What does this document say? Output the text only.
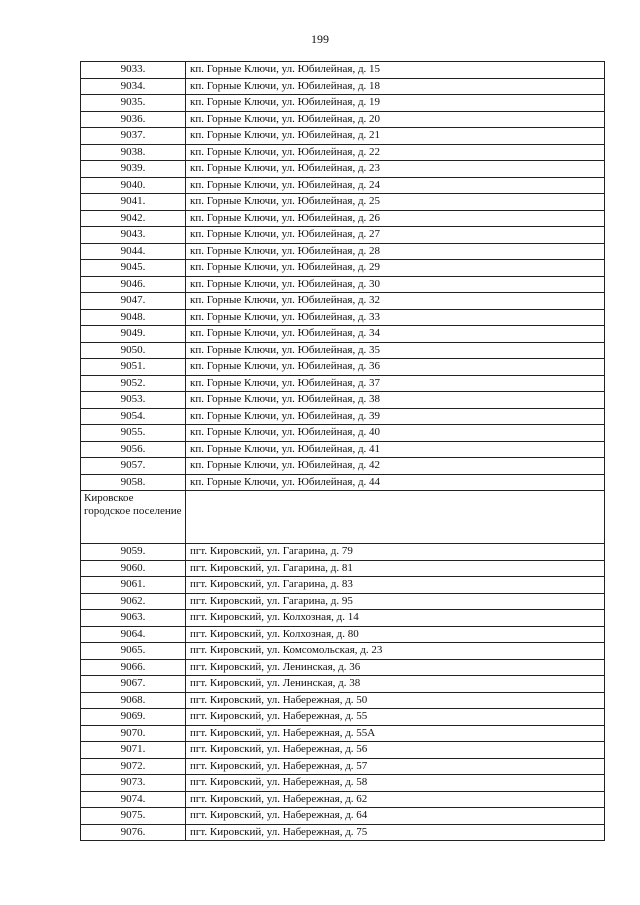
199
9033.	кп. Горные Ключи, ул. Юбилейная, д. 15
9034.	кп. Горные Ключи, ул. Юбилейная, д. 18
9035.	кп. Горные Ключи, ул. Юбилейная, д. 19
9036.	кп. Горные Ключи, ул. Юбилейная, д. 20
9037.	кп. Горные Ключи, ул. Юбилейная, д. 21
9038.	кп. Горные Ключи, ул. Юбилейная, д. 22
9039.	кп. Горные Ключи, ул. Юбилейная, д. 23
9040.	кп. Горные Ключи, ул. Юбилейная, д. 24
9041.	кп. Горные Ключи, ул. Юбилейная, д. 25
9042.	кп. Горные Ключи, ул. Юбилейная, д. 26
9043.	кп. Горные Ключи, ул. Юбилейная, д. 27
9044.	кп. Горные Ключи, ул. Юбилейная, д. 28
9045.	кп. Горные Ключи, ул. Юбилейная, д. 29
9046.	кп. Горные Ключи, ул. Юбилейная, д. 30
9047.	кп. Горные Ключи, ул. Юбилейная, д. 32
9048.	кп. Горные Ключи, ул. Юбилейная, д. 33
9049.	кп. Горные Ключи, ул. Юбилейная, д. 34
9050.	кп. Горные Ключи, ул. Юбилейная, д. 35
9051.	кп. Горные Ключи, ул. Юбилейная, д. 36
9052.	кп. Горные Ключи, ул. Юбилейная, д. 37
9053.	кп. Горные Ключи, ул. Юбилейная, д. 38
9054.	кп. Горные Ключи, ул. Юбилейная, д. 39
9055.	кп. Горные Ключи, ул. Юбилейная, д. 40
9056.	кп. Горные Ключи, ул. Юбилейная, д. 41
9057.	кп. Горные Ключи, ул. Юбилейная, д. 42
9058.	кп. Горные Ключи, ул. Юбилейная, д. 44
Кировское городское поселение	
9059.	пгт. Кировский, ул. Гагарина, д. 79
9060.	пгт. Кировский, ул. Гагарина, д. 81
9061.	пгт. Кировский, ул. Гагарина, д. 83
9062.	пгт. Кировский, ул. Гагарина, д. 95
9063.	пгт. Кировский, ул. Колхозная, д. 14
9064.	пгт. Кировский, ул. Колхозная, д. 80
9065.	пгт. Кировский, ул. Комсомольская, д. 23
9066.	пгт. Кировский, ул. Ленинская, д. 36
9067.	пгт. Кировский, ул. Ленинская, д. 38
9068.	пгт. Кировский, ул. Набережная, д. 50
9069.	пгт. Кировский, ул. Набережная, д. 55
9070.	пгт. Кировский, ул. Набережная, д. 55А
9071.	пгт. Кировский, ул. Набережная, д. 56
9072.	пгт. Кировский, ул. Набережная, д. 57
9073.	пгт. Кировский, ул. Набережная, д. 58
9074.	пгт. Кировский, ул. Набережная, д. 62
9075.	пгт. Кировский, ул. Набережная, д. 64
9076.	пгт. Кировский, ул. Набережная, д. 75
